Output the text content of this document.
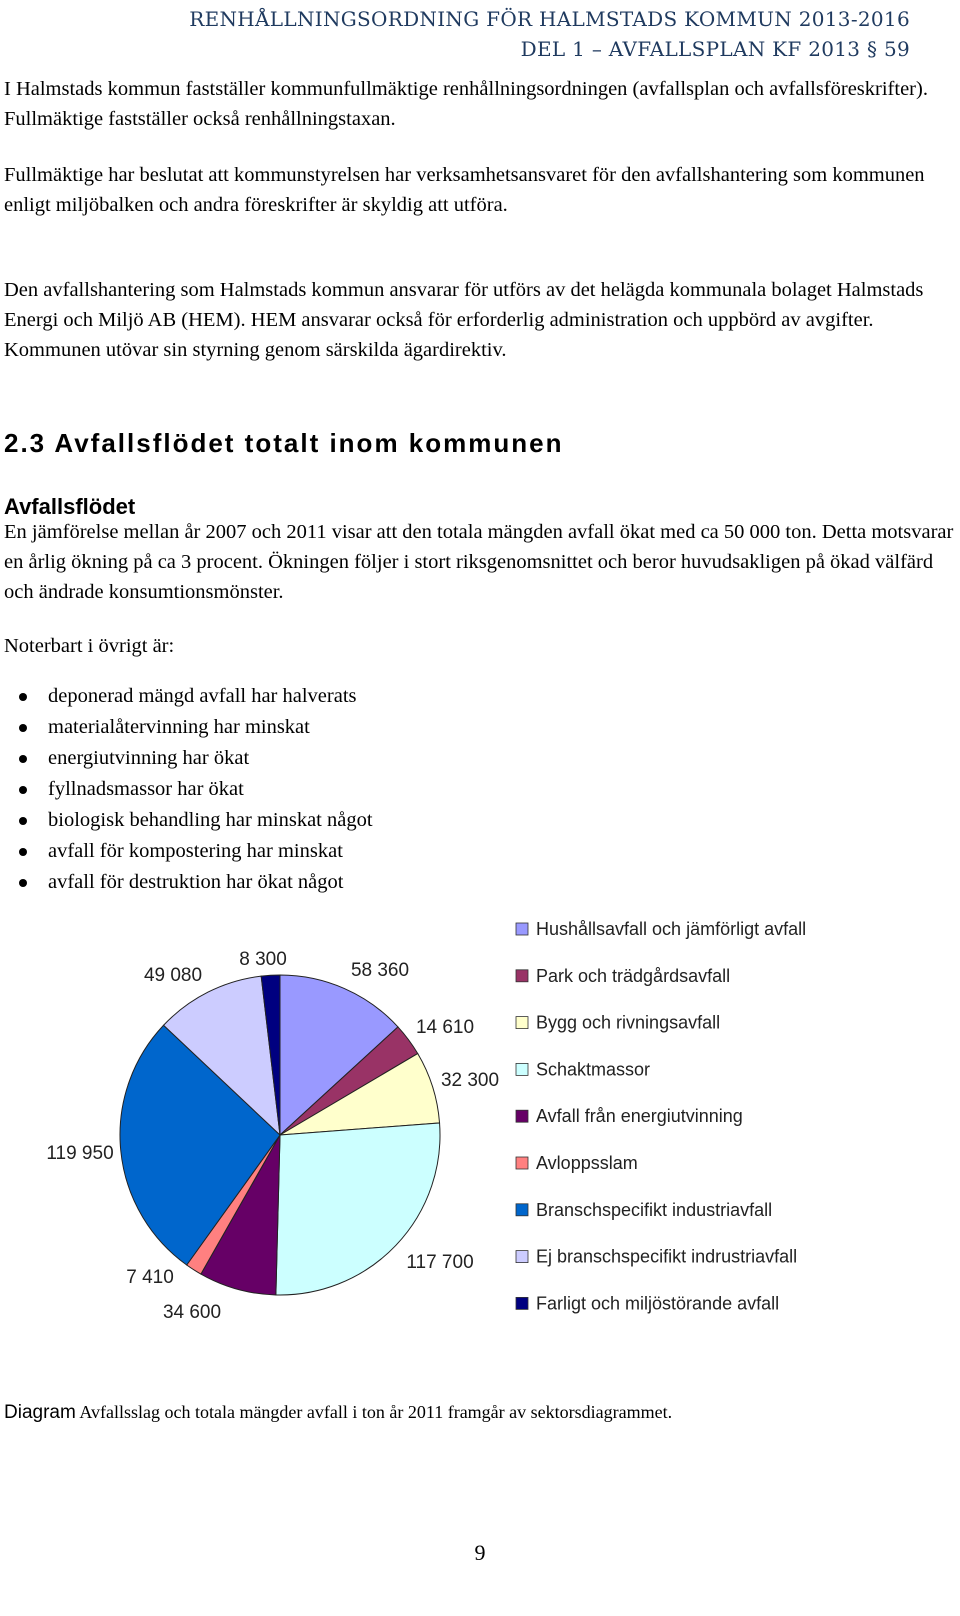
RENHÅLLNINGSORDNING FÖR HALMSTADS KOMMUN 2013-2016
DEL 1 – AVFALLSPLAN KF 2013 § 59

I Halmstads kommun fastställer kommunfullmäktige renhållningsordningen (avfallsplan och avfallsföreskrifter). Fullmäktige fastställer också renhållningstaxan.

Fullmäktige har beslutat att kommunstyrelsen har verksamhetsansvaret för den avfallshantering som kommunen enligt miljöbalken och andra föreskrifter är skyldig att utföra.

Den avfallshantering som Halmstads kommun ansvarar för utförs av det helägda kommunala bolaget Halmstads Energi och Miljö AB (HEM). HEM ansvarar också för erforderlig administration och uppbörd av avgifter. Kommunen utövar sin styrning genom särskilda ägardirektiv.

2.3 Avfallsflödet totalt inom kommunen
Avfallsflödet

En jämförelse mellan år 2007 och 2011 visar att den totala mängden avfall ökat med ca 50 000 ton. Detta motsvarar en årlig ökning på ca 3 procent. Ökningen följer i stort riksgenomsnittet och beror huvudsakligen på ökad välfärd och ändrade konsumtionsmönster.

Noterbart i övrigt är:

deponerad mängd avfall har halverats
materialåtervinning har minskat
energiutvinning har ökat
fyllnadsmassor har ökat
biologisk behandling har minskat något
avfall för kompostering har minskat
avfall för destruktion har ökat något
58 360
14 610
32 300
117 700
34 600
7 410
119 950
49 080
8 300
Hushållsavfall och jämförligt avfall
Park och trädgårdsavfall
Bygg och rivningsavfall
Schaktmassor
Avfall från energiutvinning
Avloppsslam
Branschspecifikt industriavfall
Ej branschspecifikt indrustriavfall
Farligt och miljöstörande avfall

Diagram Avfallsslag och totala mängder avfall i ton år 2011 framgår av sektorsdiagrammet.

9
